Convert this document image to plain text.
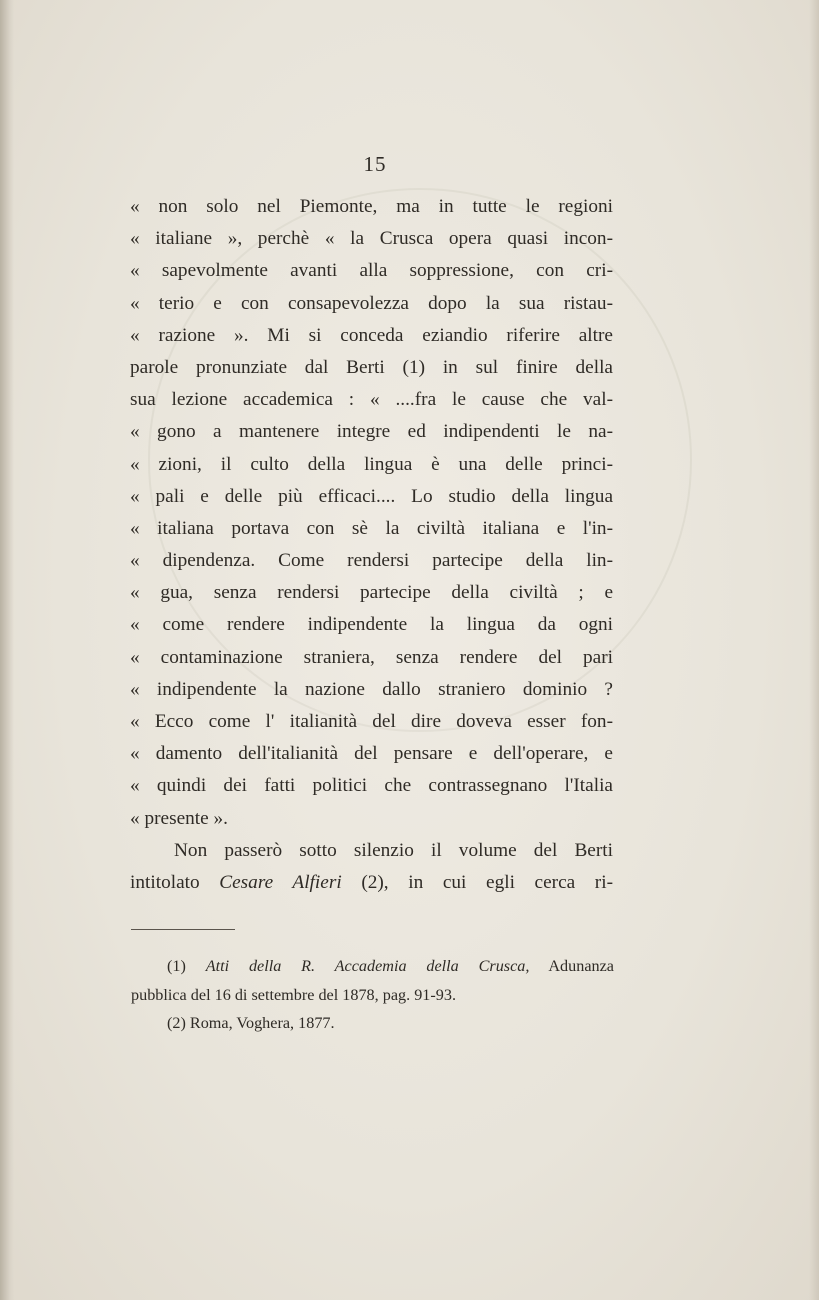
15
« non solo nel Piemonte, ma in tutte le regioni
« italiane », perchè « la Crusca opera quasi incon-
« sapevolmente avanti alla soppressione, con cri-
« terio e con consapevolezza dopo la sua ristau-
« razione ». Mi si conceda eziandio riferire altre
parole pronunziate dal Berti (1) in sul finire della
sua lezione accademica : « ....fra le cause che val-
« gono a mantenere integre ed indipendenti le na-
« zioni, il culto della lingua è una delle princi-
« pali e delle più efficaci.... Lo studio della lingua
« italiana portava con sè la civiltà italiana e l'in-
« dipendenza. Come rendersi partecipe della lin-
« gua, senza rendersi partecipe della civiltà ; e
« come rendere indipendente la lingua da ogni
« contaminazione straniera, senza rendere del pari
« indipendente la nazione dallo straniero dominio ?
« Ecco come l' italianità del dire doveva esser fon-
« damento dell'italianità del pensare e dell'operare, e
« quindi dei fatti politici che contrassegnano l'Italia
« presente ».
Non passerò sotto silenzio il volume del Berti
intitolato Cesare Alfieri (2), in cui egli cerca ri-
(1) Atti della R. Accademia della Crusca, Adunanza
pubblica del 16 di settembre del 1878, pag. 91-93.
(2) Roma, Voghera, 1877.
